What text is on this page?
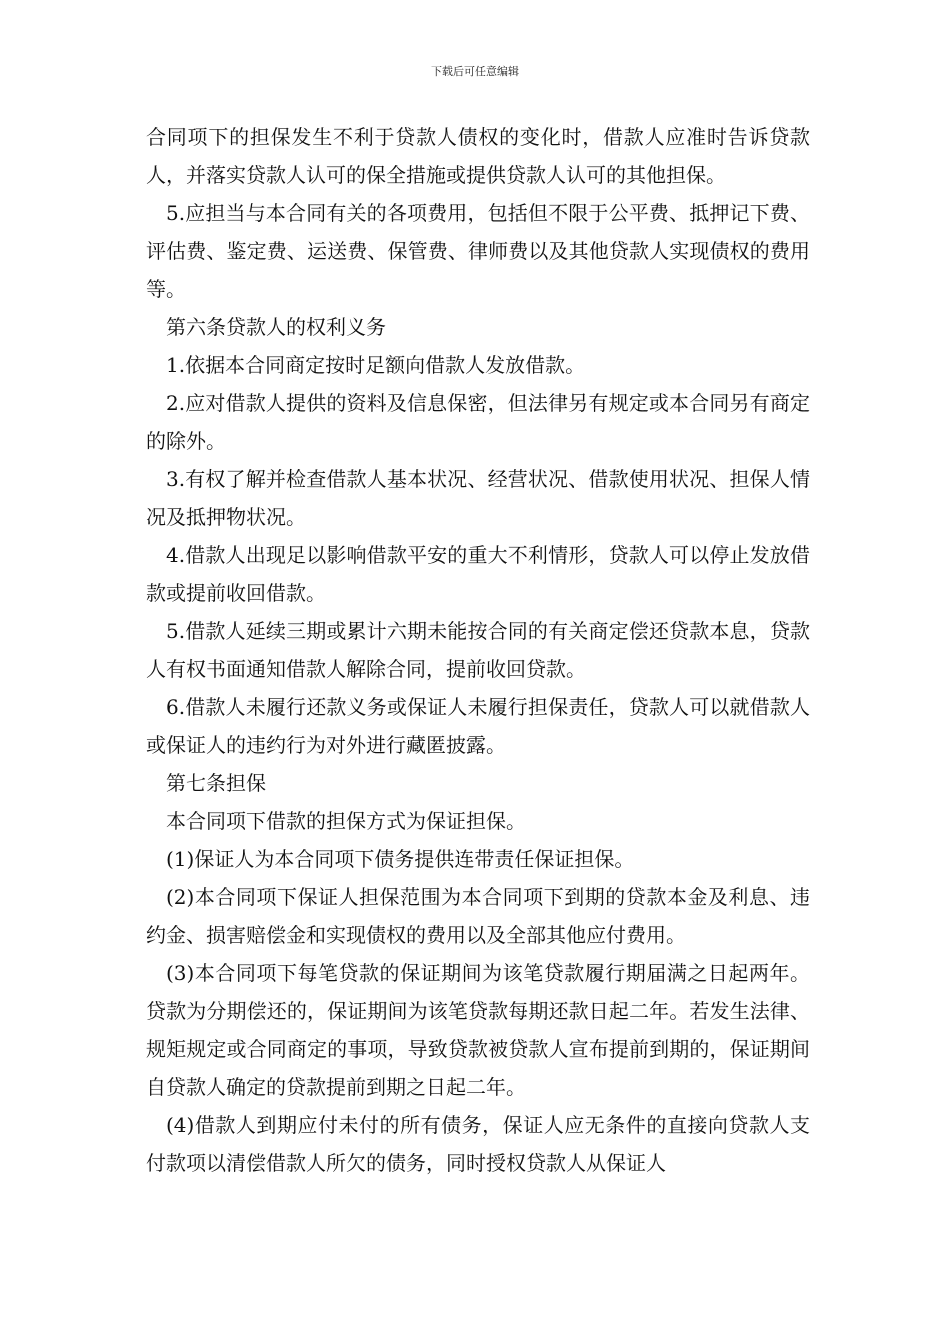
下载后可任意编辑

合同项下的担保发生不利于贷款人债权的变化时，借款人应准时告诉贷款人，并落实贷款人认可的保全措施或提供贷款人认可的其他担保。

5.应担当与本合同有关的各项费用，包括但不限于公平费、抵押记下费、评估费、鉴定费、运送费、保管费、律师费以及其他贷款人实现债权的费用等。

第六条贷款人的权利义务

1.依据本合同商定按时足额向借款人发放借款。

2.应对借款人提供的资料及信息保密，但法律另有规定或本合同另有商定的除外。

3.有权了解并检查借款人基本状况、经营状况、借款使用状况、担保人情况及抵押物状况。

4.借款人出现足以影响借款平安的重大不利情形，贷款人可以停止发放借款或提前收回借款。

5.借款人延续三期或累计六期未能按合同的有关商定偿还贷款本息，贷款人有权书面通知借款人解除合同，提前收回贷款。

6.借款人未履行还款义务或保证人未履行担保责任，贷款人可以就借款人或保证人的违约行为对外进行藏匿披露。

第七条担保

本合同项下借款的担保方式为保证担保。

(1)保证人为本合同项下债务提供连带责任保证担保。

(2)本合同项下保证人担保范围为本合同项下到期的贷款本金及利息、违约金、损害赔偿金和实现债权的费用以及全部其他应付费用。

(3)本合同项下每笔贷款的保证期间为该笔贷款履行期届满之日起两年。贷款为分期偿还的，保证期间为该笔贷款每期还款日起二年。若发生法律、规矩规定或合同商定的事项，导致贷款被贷款人宣布提前到期的，保证期间自贷款人确定的贷款提前到期之日起二年。

(4)借款人到期应付未付的所有债务，保证人应无条件的直接向贷款人支付款项以清偿借款人所欠的债务，同时授权贷款人从保证人
